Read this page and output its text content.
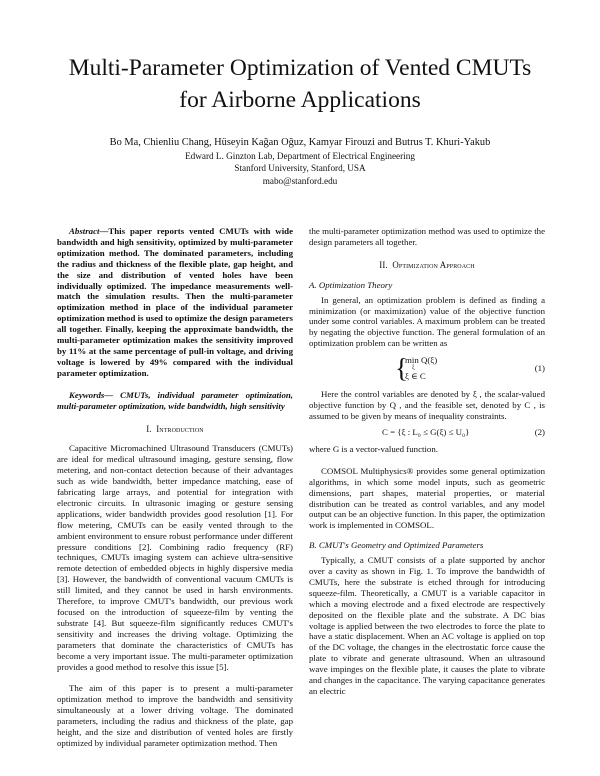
Multi-Parameter Optimization of Vented CMUTs
for Airborne Applications
Bo Ma, Chienliu Chang, Hüseyin Kağan Oğuz, Kamyar Firouzi and Butrus T. Khuri-Yakub
Edward L. Ginzton Lab, Department of Electrical Engineering
Stanford University, Stanford, USA
mabo@stanford.edu

Abstract—This paper reports vented CMUTs with wide bandwidth and high sensitivity, optimized by multi-parameter optimization method. The dominated parameters, including the radius and thickness of the flexible plate, gap height, and the size and distribution of vented holes have been individually optimized. The impedance measurements well-match the simulation results. Then the multi-parameter optimization method in place of the individual parameter optimization method is used to optimize the design parameters all together. Finally, keeping the approximate bandwidth, the multi-parameter optimization makes the sensitivity improved by 11% at the same percentage of pull-in voltage, and driving voltage is lowered by 49% compared with the individual parameter optimization.

Keywords— CMUTs, individual parameter optimization, multi-parameter optimization, wide bandwidth, high sensitivity

I. Introduction

Capacitive Micromachined Ultrasound Transducers (CMUTs) are ideal for medical ultrasound imaging, gesture sensing, flow metering, and non-contact detection because of their advantages such as wide bandwidth, better impedance matching, ease of fabricating large arrays, and potential for integration with electronic circuits. In ultrasonic imaging or gesture sensing applications, wider bandwidth provides good resolution [1]. For flow metering, CMUTs can be easily vented through to the ambient environment to ensure robust performance under different pressure conditions [2]. Combining radio frequency (RF) techniques, CMUTs imaging system can achieve ultra-sensitive remote detection of embedded objects in highly dispersive media [3]. However, the bandwidth of conventional vacuum CMUTs is still limited, and they cannot be used in harsh environments. Therefore, to improve CMUT's bandwidth, our previous work focused on the introduction of squeeze-film by venting the substrate [4]. But squeeze-film significantly reduces CMUT's sensitivity and increases the driving voltage. Optimizing the parameters that dominate the characteristics of CMUTs has become a very important issue. The multi-parameter optimization provides a good method to resolve this issue [5].

The aim of this paper is to present a multi-parameter optimization method to improve the bandwidth and sensitivity simultaneously at a lower driving voltage. The dominated parameters, including the radius and thickness of the plate, gap height, and the size and distribution of vented holes are firstly optimized by individual parameter optimization method. Then

the multi-parameter optimization method was used to optimize the design parameters all together.

II. Optimization Approach
A. Optimization Theory

In general, an optimization problem is defined as finding a minimization (or maximization) value of the objective function under some control variables. A maximum problem can be treated by negating the objective function. The general formulation of an optimization problem can be written as

{
min Q(ξ)
ξ
ξ ∈ C
(1)

Here the control variables are denoted by ξ , the scalar-valued objective function by Q , and the feasible set, denoted by C , is assumed to be given by means of inequality constraints.

C = {ξ : L₀ ≤ G(ξ) ≤ U₀}	(2)

where G is a vector-valued function.

COMSOL Multiphysics® provides some general optimization algorithms, in which some model inputs, such as geometric dimensions, part shapes, material properties, or material distribution can be treated as control variables, and any model output can be an objective function. In this paper, the optimization work is implemented in COMSOL.

B. CMUT's Geometry and Optimized Parameters

Typically, a CMUT consists of a plate supported by anchor over a cavity as shown in Fig. 1. To improve the bandwidth of CMUTs, here the substrate is etched through for introducing squeeze-film. Theoretically, a CMUT is a variable capacitor in which a moving electrode and a fixed electrode are respectively deposited on the flexible plate and the substrate. A DC bias voltage is applied between the two electrodes to force the plate to have a static displacement. When an AC voltage is applied on top of the DC voltage, the changes in the electrostatic force cause the plate to vibrate and generate ultrasound. When an ultrasound wave impinges on the flexible plate, it causes the plate to vibrate and changes in the capacitance. The varying capacitance generates an electric
